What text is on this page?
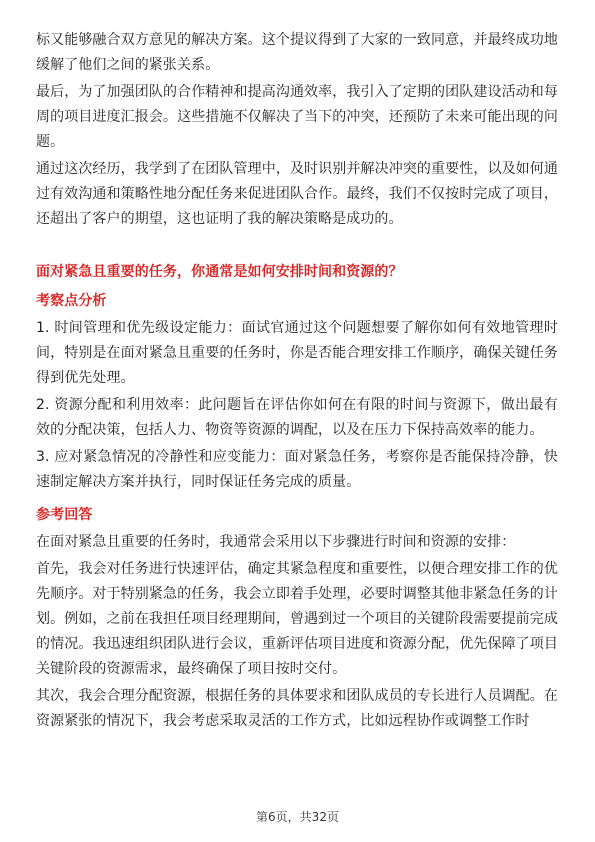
标又能够融合双方意见的解决方案。这个提议得到了大家的一致同意，并最终成功地缓解了他们之间的紧张关系。

最后，为了加强团队的合作精神和提高沟通效率，我引入了定期的团队建设活动和每周的项目进度汇报会。这些措施不仅解决了当下的冲突，还预防了未来可能出现的问题。

通过这次经历，我学到了在团队管理中，及时识别并解决冲突的重要性，以及如何通过有效沟通和策略性地分配任务来促进团队合作。最终，我们不仅按时完成了项目，还超出了客户的期望，这也证明了我的解决策略是成功的。

面对紧急且重要的任务，你通常是如何安排时间和资源的？
考察点分析

1. 时间管理和优先级设定能力：面试官通过这个问题想要了解你如何有效地管理时间，特别是在面对紧急且重要的任务时，你是否能合理安排工作顺序，确保关键任务得到优先处理。

2. 资源分配和利用效率：此问题旨在评估你如何在有限的时间与资源下，做出最有效的分配决策，包括人力、物资等资源的调配，以及在压力下保持高效率的能力。

3. 应对紧急情况的冷静性和应变能力：面对紧急任务，考察你是否能保持冷静，快速制定解决方案并执行，同时保证任务完成的质量。

参考回答

在面对紧急且重要的任务时，我通常会采用以下步骤进行时间和资源的安排：

首先，我会对任务进行快速评估，确定其紧急程度和重要性，以便合理安排工作的优先顺序。对于特别紧急的任务，我会立即着手处理，必要时调整其他非紧急任务的计划。例如，之前在我担任项目经理期间，曾遇到过一个项目的关键阶段需要提前完成的情况。我迅速组织团队进行会议，重新评估项目进度和资源分配，优先保障了项目关键阶段的资源需求，最终确保了项目按时交付。

其次，我会合理分配资源，根据任务的具体要求和团队成员的专长进行人员调配。在资源紧张的情况下，我会考虑采取灵活的工作方式，比如远程协作或调整工作时

第6页，共32页
